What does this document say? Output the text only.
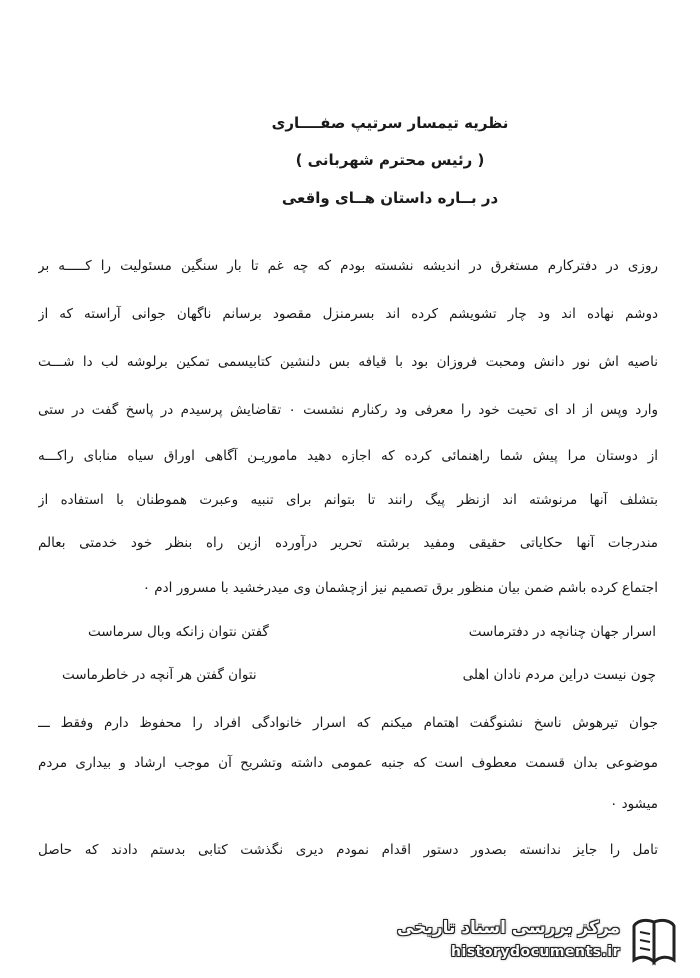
نظریه تیمسار سرتیپ صفــــاری
( رئیس محترم شهربانی )
در بــاره داستان هــای واقعی
روزی در دفترکارم مستغرق در اندیشه نشسته بودم که چه غم تا بار سنگین مسئولیت را کـــــه بر
دوشم نهاده اند ود چار تشویشم کرده اند بسرمنزل مقصود برسانم ناگهان جوانی آراسته که از
ناصیه اش نور دانش ومحبت فروزان بود با قیافه بس دلنشین کتابیسمی تمکین برلوشه لب دا شـــت
وارد وپس از اد ای تحیت خود را معرفی ود رکنارم نشست ۰ تقاضایش پرسیدم در پاسخ گفت در ستی
از دوستان مرا پیش شما راهنمائی کرده که اجازه دهید ماموریـن آگاهی اوراق سیاه منابای راکـــه
بتشلف آنها مرنوشته اند ازنظر پیگ رانند تا بتوانم برای تنبیه وعبرت هموطنان با استفاده از
مندرجات آنها حکایاتی حقیقی ومفید برشته تحریر درآورده ازین راه بنظر خود خدمتی بعالم
اجتماع کرده باشم ضمن بیان منظور برق تصمیم نیز ازچشمان وی میدرخشید با مسرور ادم ۰
اسرار جهان چنانچه در دفترماست
گفتن نتوان زانکه وبال سرماست
چون نیست دراین مردم نادان اهلی
نتوان گفتن هر آنچه در خاطرماست
جوان تیرهوش ناسخ نشنوگفت اهتمام میکنم که اسرار خانوادگی افراد را محفوظ دارم وفقط ـــ
موضوعی بدان قسمت معطوف است که جنبه عمومی داشته وتشریح آن موجب ارشاد و بیداری مردم
میشود ۰
تامل را جایز ندانسته بصدور دستور اقدام نمودم دیری نگذشت کتابی بدستم دادند که حاصل
مرکز بررسی اسناد تاریخی
historydocuments.ir
